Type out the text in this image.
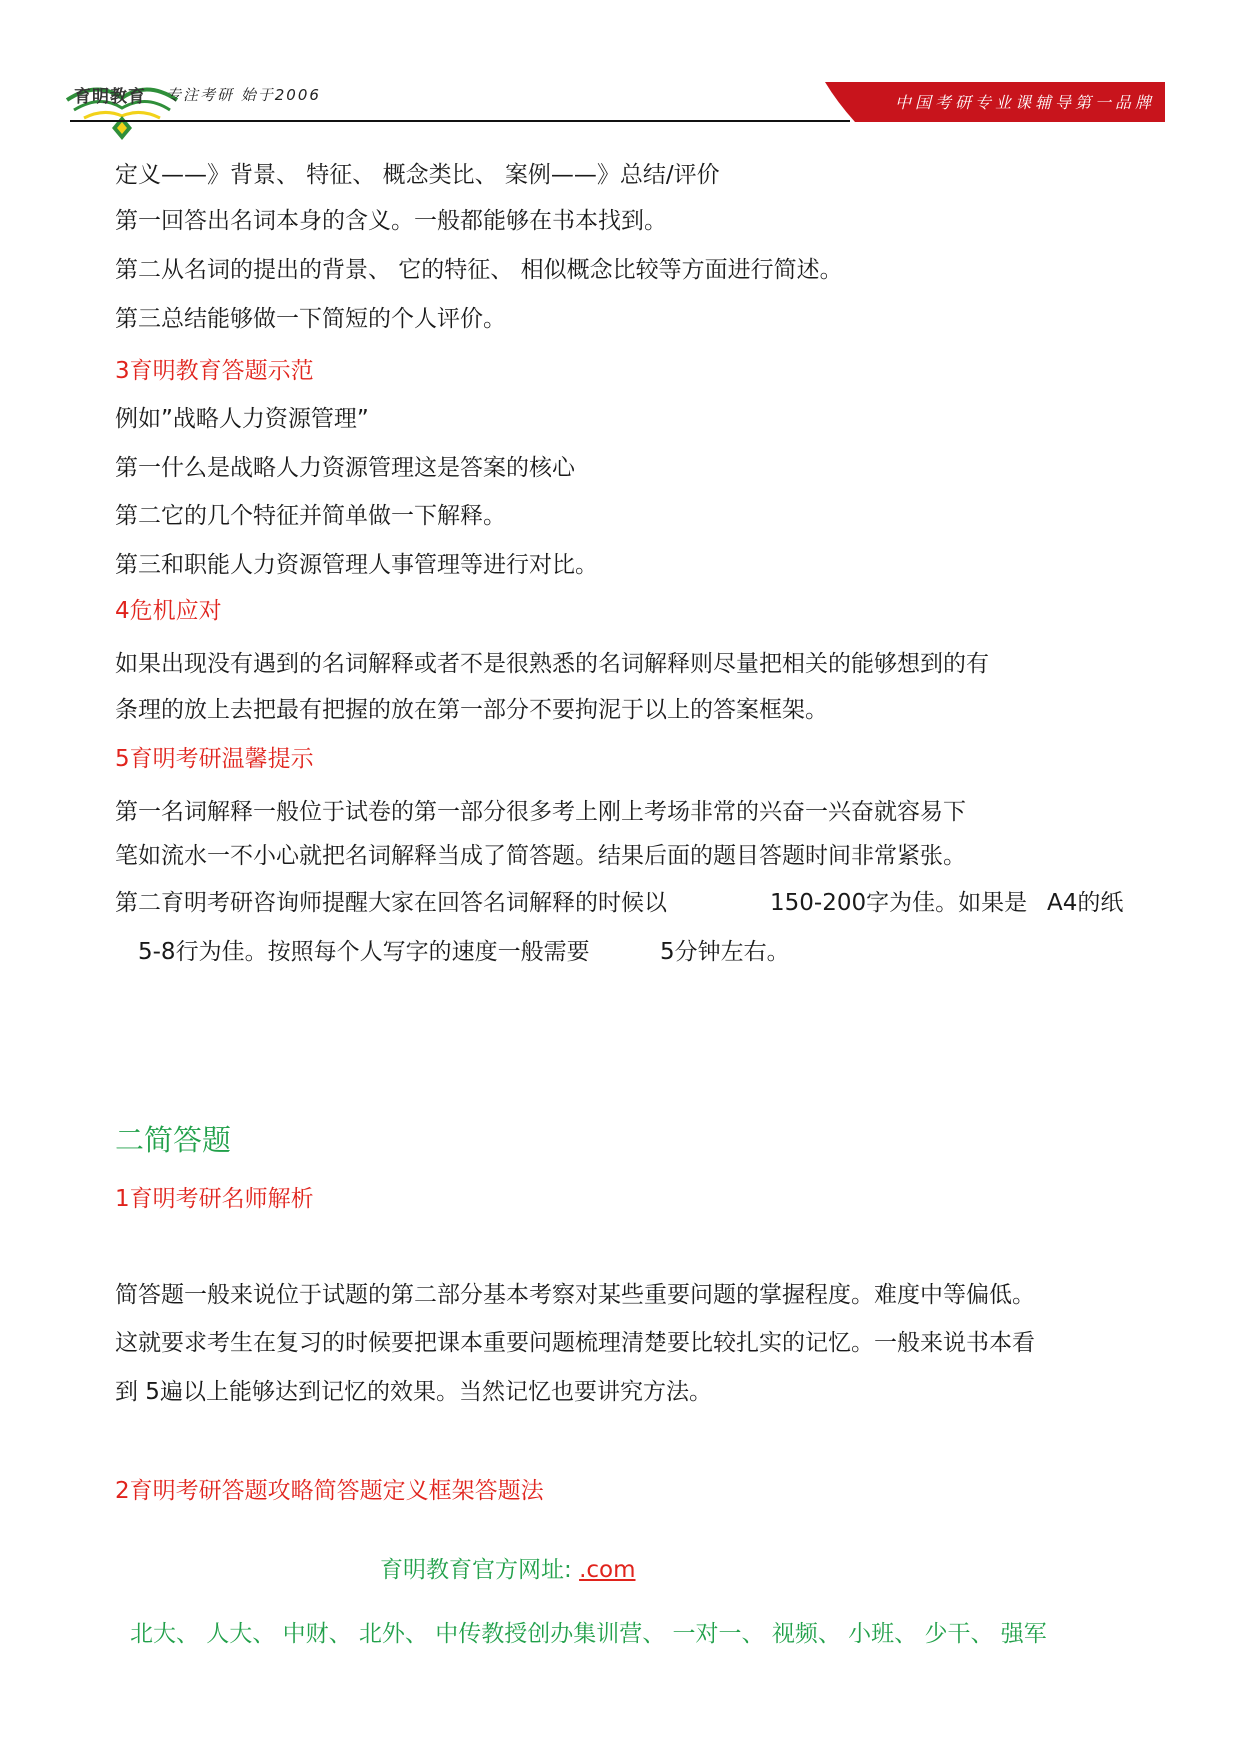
育明教育 专注考研 始于2006	中国考研专业课辅导第一品牌
定义——》背景、 特征、 概念类比、 案例——》总结/评价
第一回答出名词本身的含义。一般都能够在书本找到。
第二从名词的提出的背景、 它的特征、 相似概念比较等方面进行简述。
第三总结能够做一下简短的个人评价。
3育明教育答题示范
例如”战略人力资源管理”
第一什么是战略人力资源管理这是答案的核心
第二它的几个特征并简单做一下解释。
第三和职能人力资源管理人事管理等进行对比。
4危机应对
如果出现没有遇到的名词解释或者不是很熟悉的名词解释则尽量把相关的能够想到的有
条理的放上去把最有把握的放在第一部分不要拘泥于以上的答案框架。
5育明考研温馨提示
第一名词解释一般位于试卷的第一部分很多考上刚上考场非常的兴奋一兴奋就容易下
笔如流水一不小心就把名词解释当成了简答题。结果后面的题目答题时间非常紧张。
第二育明考研咨询师提醒大家在回答名词解释的时候以	150-200字为佳。如果是 A4的纸
5-8行为佳。按照每个人写字的速度一般需要	5分钟左右。
二简答题
1育明考研名师解析
简答题一般来说位于试题的第二部分基本考察对某些重要问题的掌握程度。难度中等偏低。
这就要求考生在复习的时候要把课本重要问题梳理清楚要比较扎实的记忆。一般来说书本看
到 5遍以上能够达到记忆的效果。当然记忆也要讲究方法。
2育明考研答题攻略简答题定义框架答题法
育明教育官方网址: .com
北大、 人大、 中财、 北外、 中传教授创办集训营、 一对一、 视频、 小班、 少干、 强军
